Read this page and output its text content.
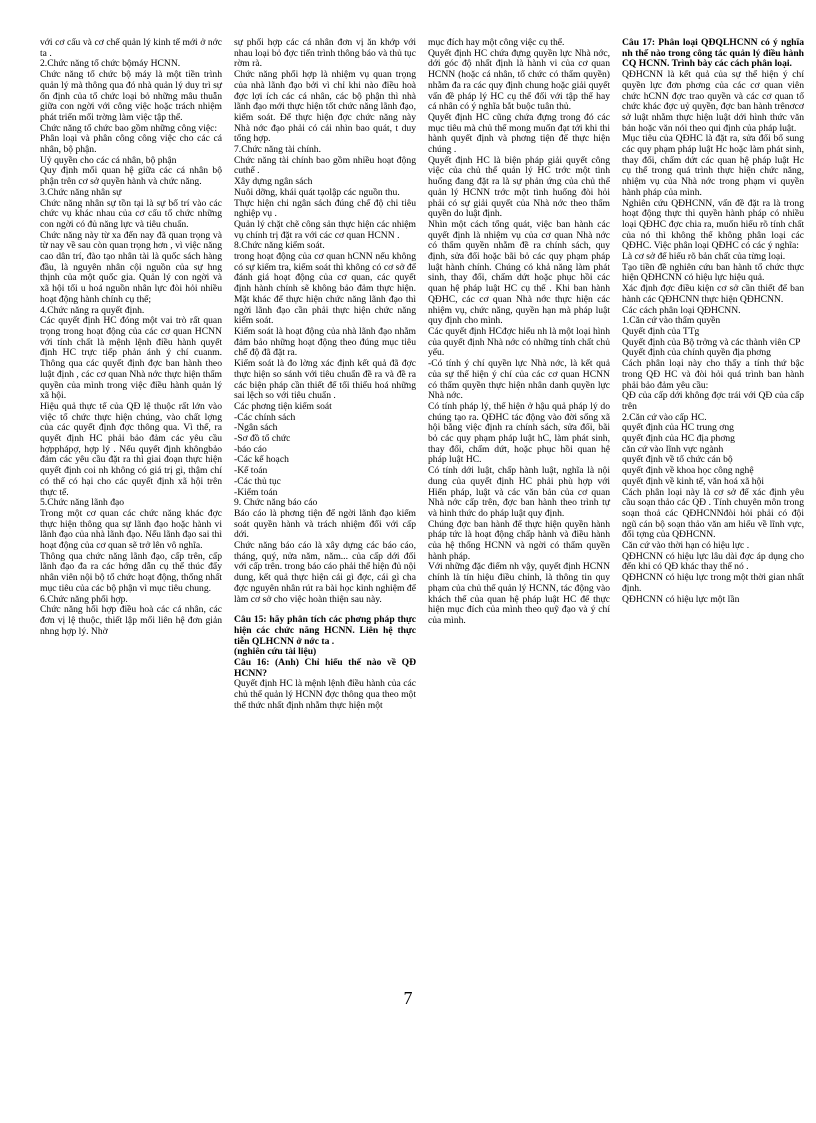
với cơ cấu và cơ chế quản lý kinh tế mới ở nớc ta .

2.Chức năng tổ chức bộmáy HCNN.

Chức năng tổ chức bộ máy là một tiền trình quản lý mà thông qua đó nhà quản lý duy trì sự ổn định của tổ chức loại bỏ những mâu thuẫn giữa con ngời với công việc hoặc trách nhiệm phát triển mối trờng làm việc tập thể.

Chức năng tổ chức bao gồm những công việc:

Phân loại và phân công công việc cho các cá nhân, bộ phận.

Uỷ quyền cho các cá nhân, bộ phận

Quy định mối quan hệ giữa các cá nhân bộ phận trên cơ sở quyền hành và chức năng.

3.Chức năng nhân sự

Chức năng nhân sự tồn tại là sự bố trí vào các chức vụ khác nhau của cơ cấu tổ chức những con ngời có đủ năng lực và tiêu chuẩn.

Chức năng này từ xa đến nay đã quan trọng và từ nay về sau còn quan trọng hơn , vì việc năng cao dân trí, đào tạo nhân tài là quốc sách hàng đầu, là nguyên nhân cội nguồn của sự hng thịnh của một quốc gia. Quản lý con ngời và xã hội tối u hoá nguồn nhân lực đòi hỏi nhiều hoạt động hành chính cụ thể;

4.Chức năng ra quyết định.

Các quyết định HC đóng một vai trò rất quan trọng trong hoạt động của các cơ quan HCNN với tính chất là mệnh lệnh điều hành quyết định HC trực tiếp phản ánh ý chí cuanm. Thông qua các quyết định đợc ban hành theo luật định , các cơ quan Nhà nớc thực hiện thẩm quyền của mình trong việc điều hành quản lý xã hội.

Hiệu quả thực tế của QĐ lệ thuộc rất lớn vào việc tổ chức thực hiện chúng, vào chất lợng của các quyết định đợc thông qua. Vì thế, ra quyết định HC phải bảo đảm các yêu cầu hợpphápợ, hợp lý . Nếu quyết định khôngbảo đảm các yêu cầu đặt ra thì giai đoạn thực hiện quyết định coi nh không có giá trị gì, thậm chí có thể có hại cho các quyết định xã hội trên thực tế.

5.Chức năng lãnh đạo

Trong một cơ quan các chức năng khác đợc thực hiện thông qua sự lãnh đạo hoặc hành vi lãnh đạo của nhà lãnh đạo. Nếu lãnh đạo sai thì hoạt động của cơ quan sẽ trở lên vô nghĩa.

Thông qua chức năng lãnh đạo, cấp trên, cấp lãnh đạo đa ra các hớng dẫn cụ thể thúc đẩy nhân viên nội bộ tổ chức hoạt động, thống nhất mục tiêu của các bộ phận vì mục tiêu chung.

6.Chức năng phối hợp.

Chức năng hối hợp điều hoà các cá nhân, các đơn vị lệ thuộc, thiết lập mối liên hệ đơn giản nhng hợp lý. Nhờ

sự phối hợp các cá nhân đơn vị ăn khớp với nhau loại bỏ đợc tiến trình thông báo và thủ tục rờm rà.

Chức năng phối hợp là nhiệm vụ quan trọng của nhà lãnh đạo bởi vì chỉ khi nào điều hoà đợc lợi ích các cá nhân, các bộ phận thì nhà lãnh đạo mới thực hiện tốt chức năng lãnh đạo, kiểm soát. Để thực hiện đợc chức năng này Nhà nớc đạo phải có cái nhìn bao quát, t duy tổng hợp.

7.Chức năng tài chính.

Chức năng tài chính bao gồm nhiều hoạt động cuthể .

Xây dựng ngân sách

Nuôi dỡng, khái quát tạolập các nguồn thu.

Thực hiện chi ngân sách đúng chế độ chi tiêu nghiệp vụ .

Quản lý chặt chẽ công sản thực hiện các nhiệm vụ chính trị đặt ra với các cơ quan HCNN .

8.Chức năng kiểm soát.

trong hoạt động của cơ quan hCNN nếu không có sự kiểm tra, kiểm soát thì không có cơ sở để đánh giá hoạt động của cơ quan, các quyết định hành chính sẽ không bảo đảm thực hiện. Mặt khác để thực hiện chức năng lãnh đạo thì ngời lãnh đạo cần phải thực hiện chức năng kiểm soát.

Kiểm soát là hoạt động của nhà lãnh đạo nhằm đảm bảo những hoạt động theo đúng mục tiêu chế độ đã đặt ra.

Kiểm soát là đo lờng xác định kết quả đã đợc thực hiện so sánh với tiêu chuẩn đề ra và đề ra các biện pháp cần thiết để tối thiểu hoá những sai lệch so với tiêu chuẩn .

Các phơng tiện kiểm soát

-Các chính sách

-Ngân sách

-Sơ đồ tổ chức

-báo cáo

-Các kế hoạch

-Kế toán

-Các thủ tục

-Kiểm toán

9. Chức năng báo cáo

Báo cáo là phơng tiện để ngời lãnh đạo kiểm soát quyền hành và trách nhiệm đối với cấp dới.

Chức năng báo cáo là xây dựng các báo cáo, tháng, quý, nửa năm, năm... của cấp dới đối với cấp trên. trong báo cáo phải thể hiện đủ nội dung, kết quả thực hiện cái gì đợc, cái gì cha đợc nguyên nhân rút ra bài học kinh nghiệm để làm cơ sở cho việc hoàn thiện sau này.

Câu 15: hãy phân tích các phơng pháp thực hiện các chức năng HCNN. Liên hệ thực tiễn QLHCNN ở nớc ta .

(nghiên cứu tài liệu)

Câu 16: (Anh) Chỉ hiểu thế nào về QĐ HCNN?

Quyết định HC là mệnh lệnh điều hành của các chủ thể quản lý HCNN đợc thông qua theo một thể thức nhất định nhằm thực hiện một

mục đích hay một công việc cụ thể.

Quyết định HC chứa đựng quyền lực Nhà nớc, dới góc độ nhất định là hành vi của cơ quan HCNN (hoặc cá nhân, tổ chức có thẩm quyền) nhằm đa ra các quy định chung hoặc giải quyết vấn đề pháp lý HC cụ thể đối với tập thể hay cá nhân có ý nghĩa bắt buộc tuân thủ.

Quyết định HC cũng chứa đựng trong đó các mục tiêu mà chủ thể mong muốn đạt tới khi thi hành quyết định và phơng tiện để thực hiện chúng .

Quyết định HC là biện pháp giải quyết công việc của chủ thể quản lý HC trớc một tình huống đang đặt ra là sự phản ứng của chủ thể quản lý HCNN trớc một tình huống đòi hỏi phải có sự giải quyết của Nhà nớc theo thẩm quyền do luật định.

Nhìn một cách tổng quát, việc ban hành các quyết định là nhiệm vụ của cơ quan Nhà nớc có thẩm quyền nhằm đề ra chính sách, quy định, sửa đổi hoặc bãi bỏ các quy phạm pháp luật hành chính. Chúng có khả năng làm phát sinh, thay đổi, chấm dứt hoặc phục hồi các quan hệ pháp luật HC cụ thể . Khi ban hành QĐHC, các cơ quan Nhà nớc thực hiện các nhiệm vụ, chức năng, quyền hạn mà pháp luật quy định cho mình.

Các quyết định HCđợc hiểu nh là một loại hình của quyết định Nhà nớc có những tính chất chủ yếu.

-Có tính ý chí quyền lực Nhà nớc, là kết quả của sự thể hiện ý chí của các cơ quan HCNN có thẩm quyền thực hiện nhân danh quyền lực Nhà nớc.

Có tính pháp lý, thể hiện ở hậu quả pháp lý do chúng tạo ra. QĐHC tác động vào đời sống xã hội bằng việc định ra chính sách, sửa đổi, bãi bỏ các quy phạm pháp luật hC, làm phát sinh, thay đổi, chấm dứt, hoặc phục hồi quan hệ pháp luật HC.

Có tính dới luật, chấp hành luật, nghĩa là nội dung của quyết định HC phải phù hợp với Hiến pháp, luật và các văn bản của cơ quan Nhà nớc cấp trên, đợc ban hành theo trình tự và hình thức do pháp luật quy định.

Chúng đợc ban hành để thực hiện quyền hành pháp tức là hoạt động chấp hành và điều hành của hệ thống HCNN và ngời có thẩm quyền hành pháp.

Với những đặc điểm nh vậy, quyết định HCNN chính là tín hiệu điều chỉnh, là thông tin quy phạm của chủ thể quản lý HCNN, tác động vào khách thể của quan hệ pháp luật HC để thực hiện mục đích của mình theo quỹ đạo và ý chí của mình.

Câu 17: Phân loại QĐQLHCNN có ý nghĩa nh thế nào trong công tác quản lý điều hành CQ HCNN. Trình bày các cách phân loại.

QĐHCNN là kết quả của sự thể hiện ý chí quyền lực đơn phơng của các cơ quan viên chức hCNN đợc trao quyền và các cơ quan tổ chức khác đợc uỷ quyền, đợc ban hành trênơcơ sở luật nhằm thực hiện luật dới hình thức văn bản hoặc văn nói theo qui định của pháp luật.

Mục tiêu của QĐHC là đặt ra, sửa đổi bổ sung các quy phạm pháp luật Hc hoặc làm phát sinh, thay đổi, chấm dứt các quan hệ pháp luật Hc cụ thể trong quá trình thực hiện chức năng, nhiệm vụ của Nhà nớc trong phạm vi quyền hành pháp của mình.

Nghiên cứu QĐHCNN, vấn đề đặt ra là trong hoạt động thực thi quyền hành pháp có nhiều loại QĐHC đợc chia ra, muốn hiểu rõ tính chất của nó thì không thể không phân loại các QĐHC. Việc phân loại QĐHC có các ý nghĩa:

Là cơ sở để hiểu rõ bản chất của từng loại.

Tạo tiền đề nghiên cứu ban hành tổ chức thực hiện QĐHCNN có hiệu lực hiệu quả.

Xác định đợc điều kiện cơ sở cần thiết để ban hành các QĐHCNN thực hiện QĐHCNN.

Các cách phân loại QĐHCNN.

1.Căn cứ vào thẩm quyền

Quyết định của TTg

Quyết định của Bộ trởng và các thành viên CP

Quyết định của chính quyền địa phơng

Cách phân loại này cho thấy a tính thứ bậc trong QĐ HC và đòi hỏi quá trình ban hành phải bảo đảm yêu cầu:

QĐ của cấp dới không đợc trái với QĐ của cấp trên

2.Căn cứ vào cấp HC.

quyết định của HC trung ơng

quyết định của HC địa phơng

căn cứ vào lĩnh vực ngành

quyết định về tổ chức cán bộ

quyết định về khoa học công nghệ

quyết định về kinh tế, văn hoá xã hội

Cách phân loại này là cơ sở để xác định yêu cầu soạn thảo các QĐ . Tính chuyên môn trong soạn thoả các QĐHCNNđòi hỏi phải có đội ngũ cán bộ soạn thảo văn am hiểu về lĩnh vực, đối tợng của QĐHCNN.

Căn cứ vào thời hạn có hiệu lực .

QĐHCNN có hiệu lực lâu dài đợc áp dụng cho đến khi có QĐ khác thay thế nó .

QĐHCNN có hiệu lực trong một thời gian nhất định.

QĐHCNN có hiệu lực một lần

7
